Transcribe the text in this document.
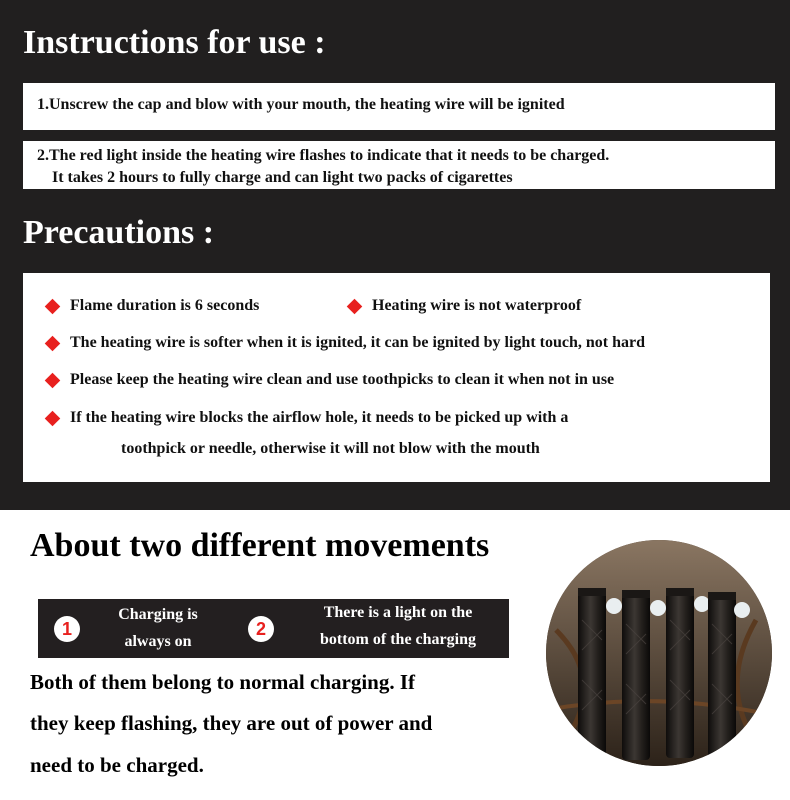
Instructions for use :
1.Unscrew the cap and blow with your mouth, the heating wire will be ignited
2.The red light inside the heating wire flashes to indicate that it needs to be charged.
It takes 2 hours to fully charge and can light two packs of cigarettes
Precautions :
Flame duration is 6 seconds	Heating wire is not waterproof
The heating wire is softer when it is ignited, it can be ignited by light touch, not hard
Please keep the heating wire clean and use toothpicks to clean it when not in use
If the heating wire blocks the airflow hole, it needs to be picked up with a
toothpick or needle, otherwise it will not blow with the mouth
About two different movements
1
Charging is
always on
2
There is a light on the
bottom of the charging
Both of them belong to normal charging. If
they keep flashing, they are out of power and
need to be charged.
